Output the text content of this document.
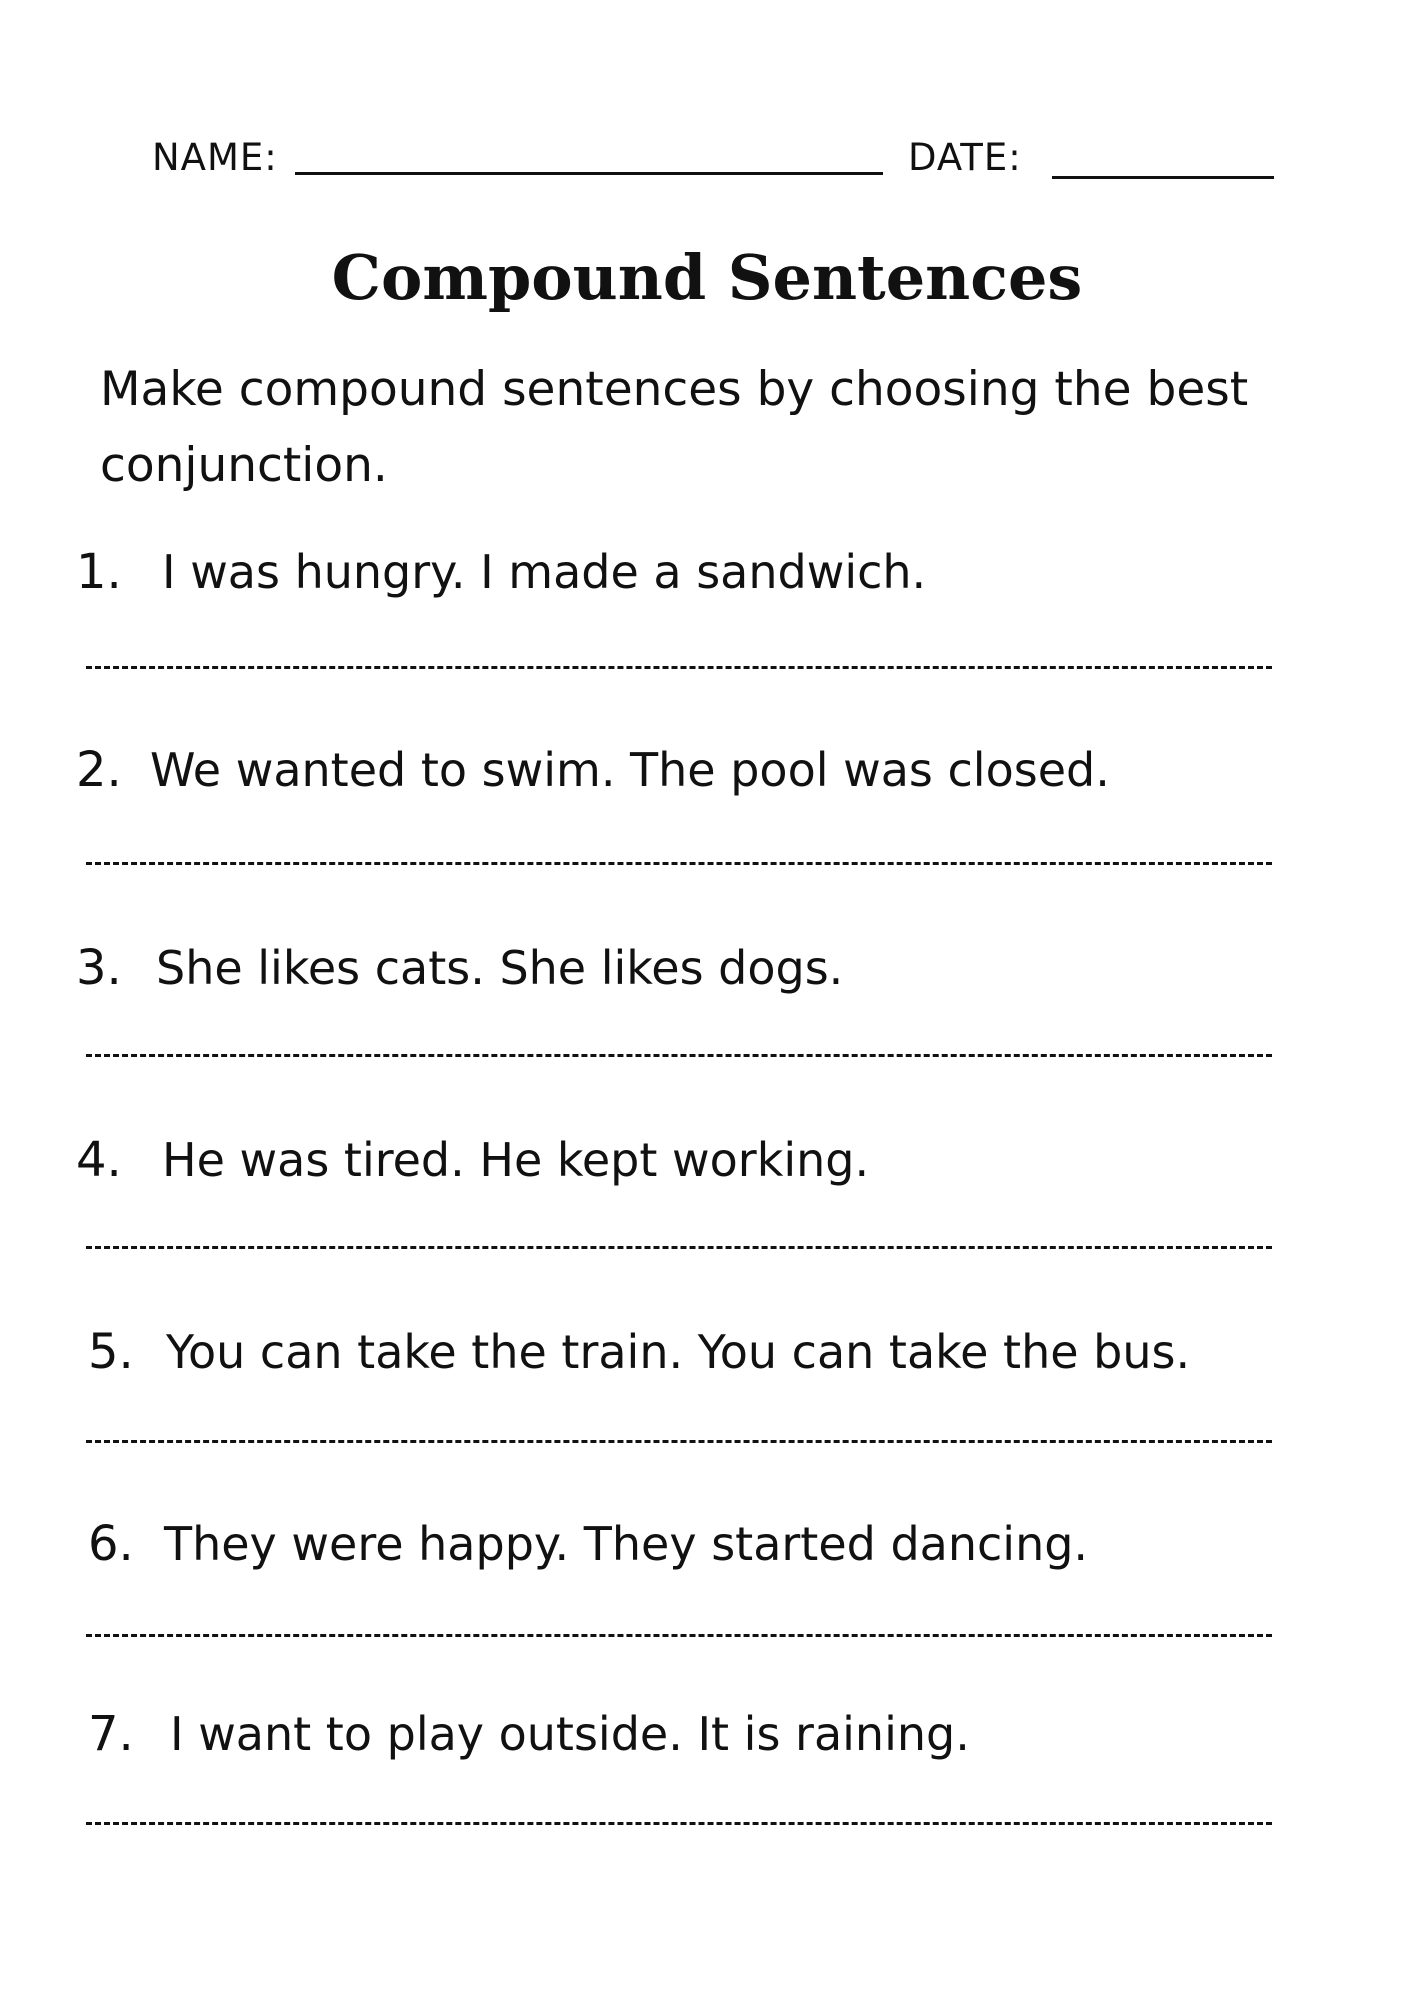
NAME:	DATE:
Compound Sentences
Make compound sentences by choosing the best conjunction.
1. I was hungry. I made a sandwich.
2. We wanted to swim. The pool was closed.
3. She likes cats. She likes dogs.
4. He was tired. He kept working.
5. You can take the train. You can take the bus.
6. They were happy. They started dancing.
7. I want to play outside. It is raining.
